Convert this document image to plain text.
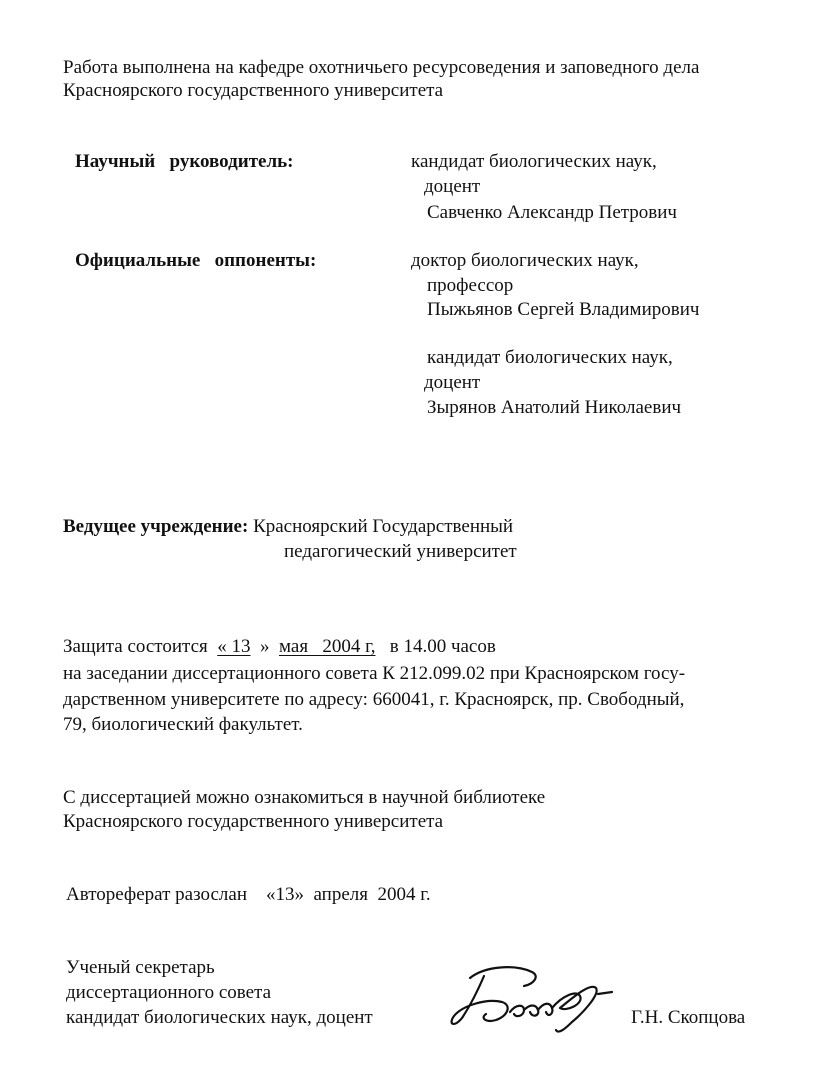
Работа выполнена на кафедре охотничьего ресурсоведения и заповедного дела
Красноярского государственного университета
Научный   руководитель:	кандидат биологических наук,
доцент
Савченко Александр Петрович
Официальные   оппоненты:	доктор биологических наук,
профессор
Пыжьянов Сергей Владимирович
кандидат биологических наук,
доцент
Зырянов Анатолий Николаевич
Ведущее учреждение: Красноярский Государственный
педагогический университет
Защита состоится « 13 » мая   2004 г, в 14.00 часов
на заседании диссертационного совета К 212.099.02 при Красноярском госу-
дарственном университете по адресу: 660041, г. Красноярск, пр. Свободный,
79, биологический факультет.
С диссертацией можно ознакомиться в научной библиотеке
Красноярского государственного университета
Автореферат разослан «13» апреля 2004 г.
Ученый секретарь
диссертационного совета
кандидат биологических наук, доцент	Г.Н. Скопцова
